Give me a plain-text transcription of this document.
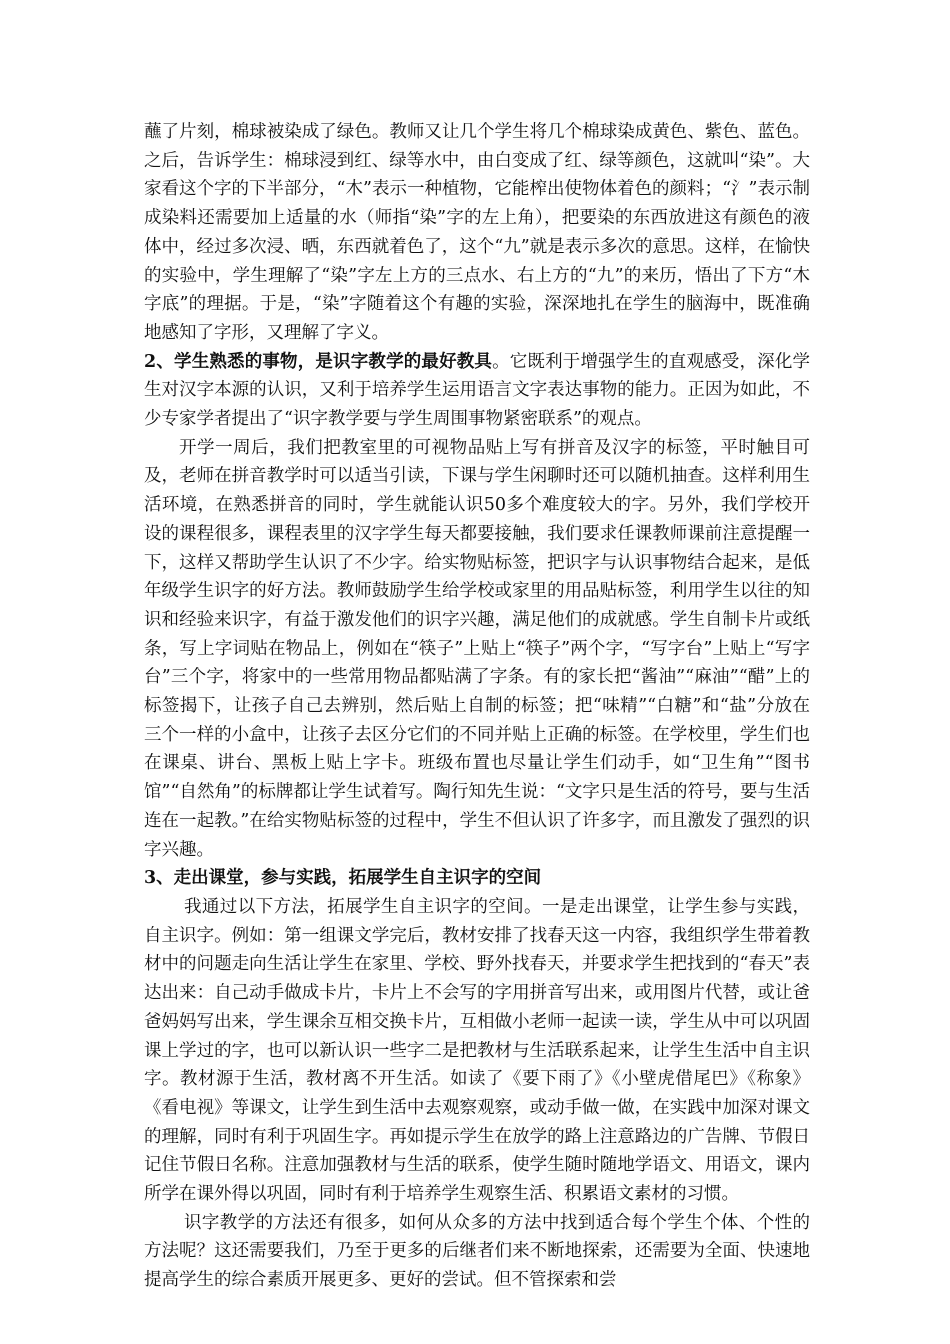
蘸了片刻，棉球被染成了绿色。教师又让几个学生将几个棉球染成黄色、紫色、蓝色。之后，告诉学生：棉球浸到红、绿等水中，由白变成了红、绿等颜色，这就叫“染”。大家看这个字的下半部分，“木”表示一种植物，它能榨出使物体着色的颜料；“氵”表示制成染料还需要加上适量的水（师指“染”字的左上角），把要染的东西放进这有颜色的液体中，经过多次浸、晒，东西就着色了，这个“九”就是表示多次的意思。这样，在愉快的实验中，学生理解了“染”字左上方的三点水、右上方的“九”的来历，悟出了下方“木字底”的理据。于是，“染”字随着这个有趣的实验，深深地扎在学生的脑海中，既准确地感知了字形，又理解了字义。

2、学生熟悉的事物，是识字教学的最好教具。它既利于增强学生的直观感受，深化学生对汉字本源的认识，又利于培养学生运用语言文字表达事物的能力。正因为如此，不少专家学者提出了“识字教学要与学生周围事物紧密联系”的观点。

开学一周后，我们把教室里的可视物品贴上写有拼音及汉字的标签，平时触目可及，老师在拼音教学时可以适当引读，下课与学生闲聊时还可以随机抽查。这样利用生活环境，在熟悉拼音的同时，学生就能认识50多个难度较大的字。另外，我们学校开设的课程很多，课程表里的汉字学生每天都要接触，我们要求任课教师课前注意提醒一下，这样又帮助学生认识了不少字。给实物贴标签，把识字与认识事物结合起来，是低年级学生识字的好方法。教师鼓励学生给学校或家里的用品贴标签，利用学生以往的知识和经验来识字，有益于激发他们的识字兴趣，满足他们的成就感。学生自制卡片或纸条，写上字词贴在物品上，例如在“筷子”上贴上“筷子”两个字，“写字台”上贴上“写字台”三个字，将家中的一些常用物品都贴满了字条。有的家长把“酱油”“麻油”“醋”上的标签揭下，让孩子自己去辨别，然后贴上自制的标签；把“味精”“白糖”和“盐”分放在三个一样的小盒中，让孩子去区分它们的不同并贴上正确的标签。在学校里，学生们也在课桌、讲台、黑板上贴上字卡。班级布置也尽量让学生们动手，如“卫生角”“图书馆”“自然角”的标牌都让学生试着写。陶行知先生说：“文字只是生活的符号，要与生活连在一起教。”在给实物贴标签的过程中，学生不但认识了许多字，而且激发了强烈的识字兴趣。

3、走出课堂，参与实践，拓展学生自主识字的空间

我通过以下方法，拓展学生自主识字的空间。一是走出课堂，让学生参与实践，自主识字。例如：第一组课文学完后，教材安排了找春天这一内容，我组织学生带着教材中的问题走向生活让学生在家里、学校、野外找春天，并要求学生把找到的“春天”表达出来：自己动手做成卡片，卡片上不会写的字用拼音写出来，或用图片代替，或让爸爸妈妈写出来，学生课余互相交换卡片，互相做小老师一起读一读，学生从中可以巩固课上学过的字，也可以新认识一些字二是把教材与生活联系起来，让学生生活中自主识字。教材源于生活，教材离不开生活。如读了《要下雨了》《小壁虎借尾巴》《称象》《看电视》等课文，让学生到生活中去观察观察，或动手做一做，在实践中加深对课文的理解，同时有利于巩固生字。再如提示学生在放学的路上注意路边的广告牌、节假日记住节假日名称。注意加强教材与生活的联系，使学生随时随地学语文、用语文，课内所学在课外得以巩固，同时有利于培养学生观察生活、积累语文素材的习惯。

识字教学的方法还有很多，如何从众多的方法中找到适合每个学生个体、个性的方法呢？这还需要我们，乃至于更多的后继者们来不断地探索，还需要为全面、快速地提高学生的综合素质开展更多、更好的尝试。但不管探索和尝
